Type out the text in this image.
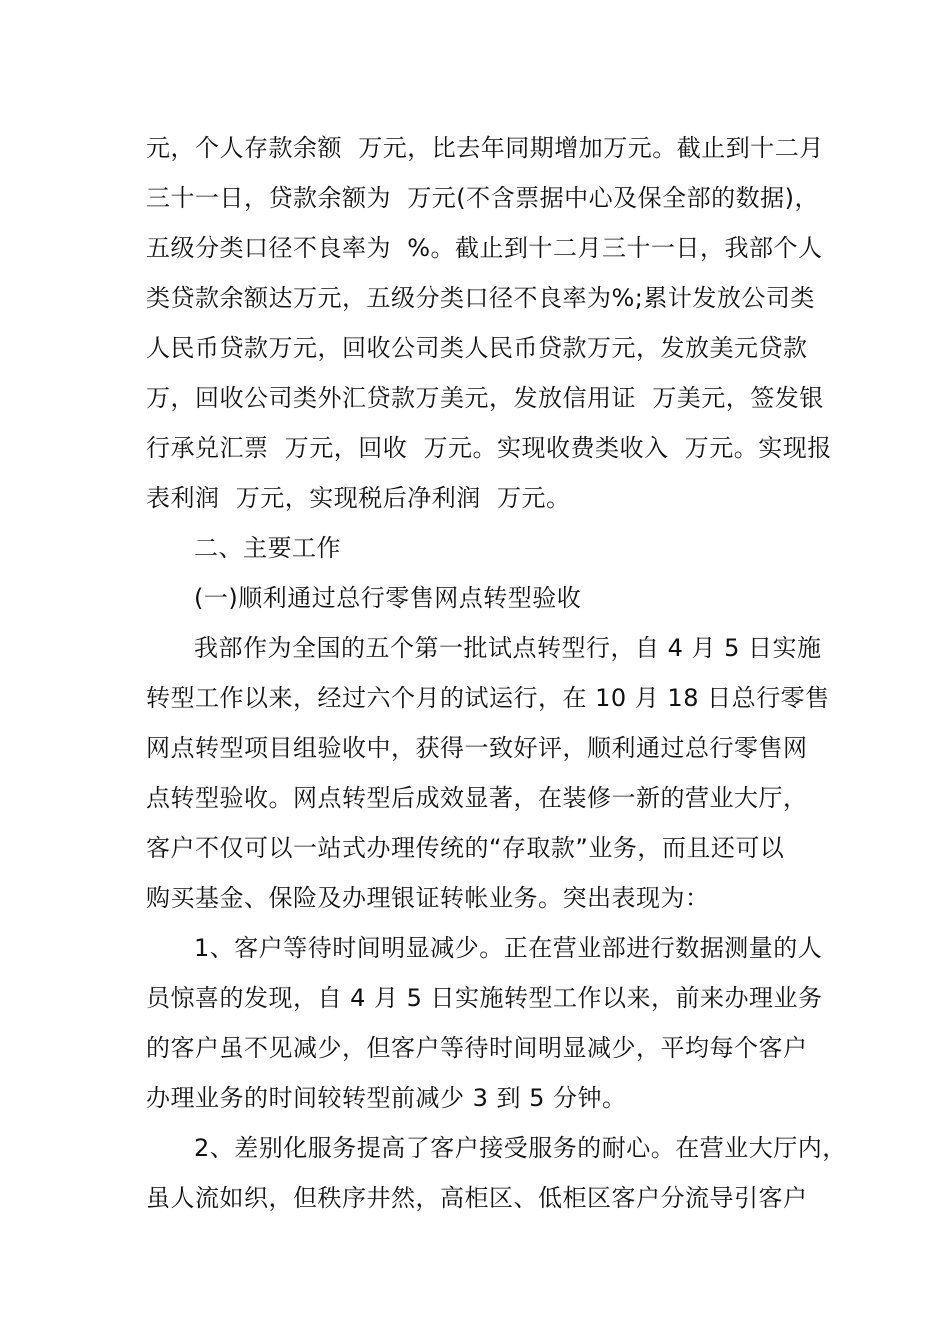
元，个人存款余额  万元，比去年同期增加万元。截止到十二月
三十一日，贷款余额为  万元(不含票据中心及保全部的数据)，
五级分类口径不良率为  %。截止到十二月三十一日，我部个人
类贷款余额达万元，五级分类口径不良率为%;累计发放公司类
人民币贷款万元，回收公司类人民币贷款万元，发放美元贷款
万，回收公司类外汇贷款万美元，发放信用证  万美元，签发银
行承兑汇票  万元，回收  万元。实现收费类收入  万元。实现报
表利润  万元，实现税后净利润  万元。
二、主要工作
(一)顺利通过总行零售网点转型验收
我部作为全国的五个第一批试点转型行，自 4 月 5 日实施
转型工作以来，经过六个月的试运行，在 10 月 18 日总行零售
网点转型项目组验收中，获得一致好评，顺利通过总行零售网
点转型验收。网点转型后成效显著，在装修一新的营业大厅，
客户不仅可以一站式办理传统的“存取款”业务，而且还可以
购买基金、保险及办理银证转帐业务。突出表现为：
1、客户等待时间明显减少。正在营业部进行数据测量的人
员惊喜的发现，自 4 月 5 日实施转型工作以来，前来办理业务
的客户虽不见减少，但客户等待时间明显减少，平均每个客户
办理业务的时间较转型前减少 3 到 5 分钟。
2、差别化服务提高了客户接受服务的耐心。在营业大厅内，
虽人流如织，但秩序井然，高柜区、低柜区客户分流导引客户
